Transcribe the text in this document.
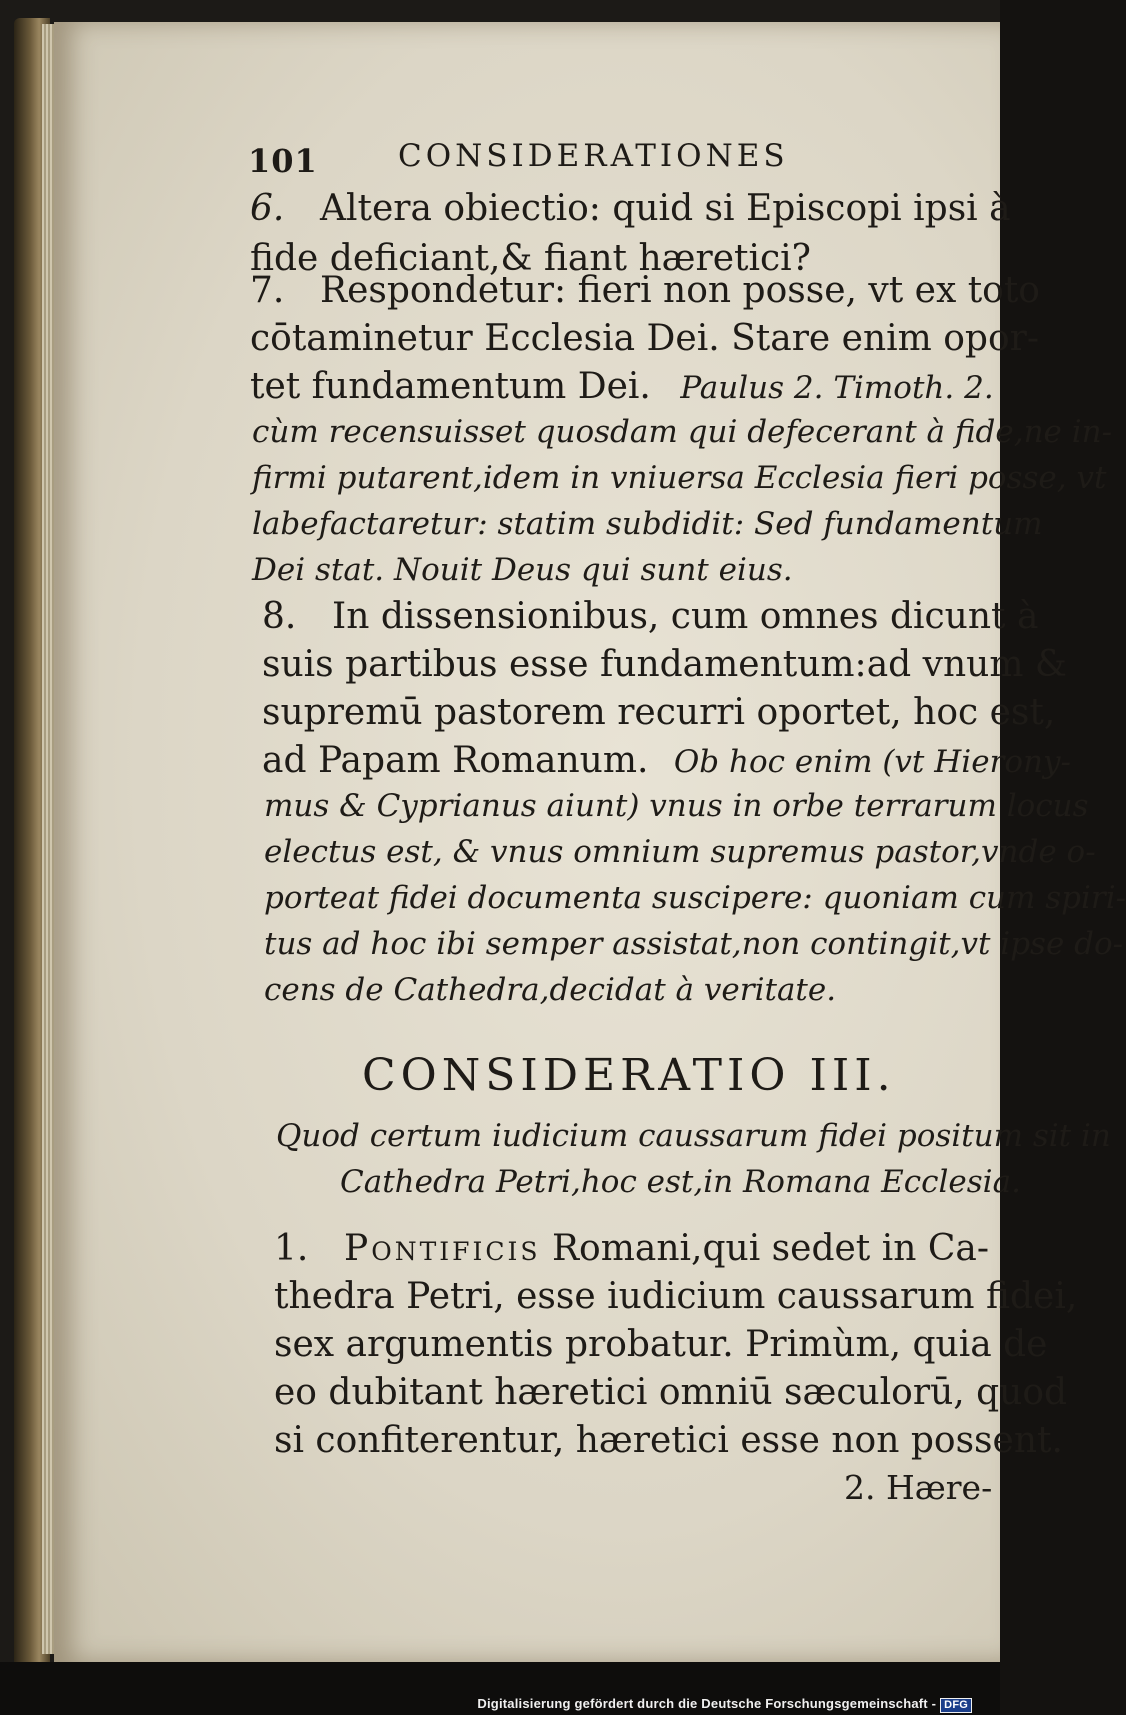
101	CONSIDERATIONES
6. Altera obiectio: quid si Episcopi ipsi à
fide deficiant,& fiant hæretici?
7. Respondetur: fieri non posse, vt ex toto
cōtaminetur Ecclesia Dei. Stare enim opor-
tet fundamentum Dei. Paulus 2. Timoth. 2.
cùm recensuisset quosdam qui defecerant à fide,ne in-
firmi putarent,idem in vniuersa Ecclesia fieri posse, vt
labefactaretur: statim subdidit: Sed fundamentum
Dei stat. Nouit Deus qui sunt eius.
8. In dissensionibus, cum omnes dicunt à
suis partibus esse fundamentum:ad vnum &
supremū pastorem recurri oportet, hoc est,
ad Papam Romanum. Ob hoc enim (vt Hierony-
mus & Cyprianus aiunt) vnus in orbe terrarum locus
electus est, & vnus omnium supremus pastor,vnde o-
porteat fidei documenta suscipere: quoniam cum spiri-
tus ad hoc ibi semper assistat,non contingit,vt ipse do-
cens de Cathedra,decidat à veritate.
CONSIDERATIO III.
Quod certum iudicium caussarum fidei positum sit in
Cathedra Petri,hoc est,in Romana Ecclesia.
1. Pontificis Romani,qui sedet in Ca-
thedra Petri, esse iudicium caussarum fidei,
sex argumentis probatur. Primùm, quia de
eo dubitant hæretici omniū sæculorū, quod
si confiterentur, hæretici esse non possent.
2. Hære-
Digitalisierung gefördert durch die Deutsche Forschungsgemeinschaft - DFG
